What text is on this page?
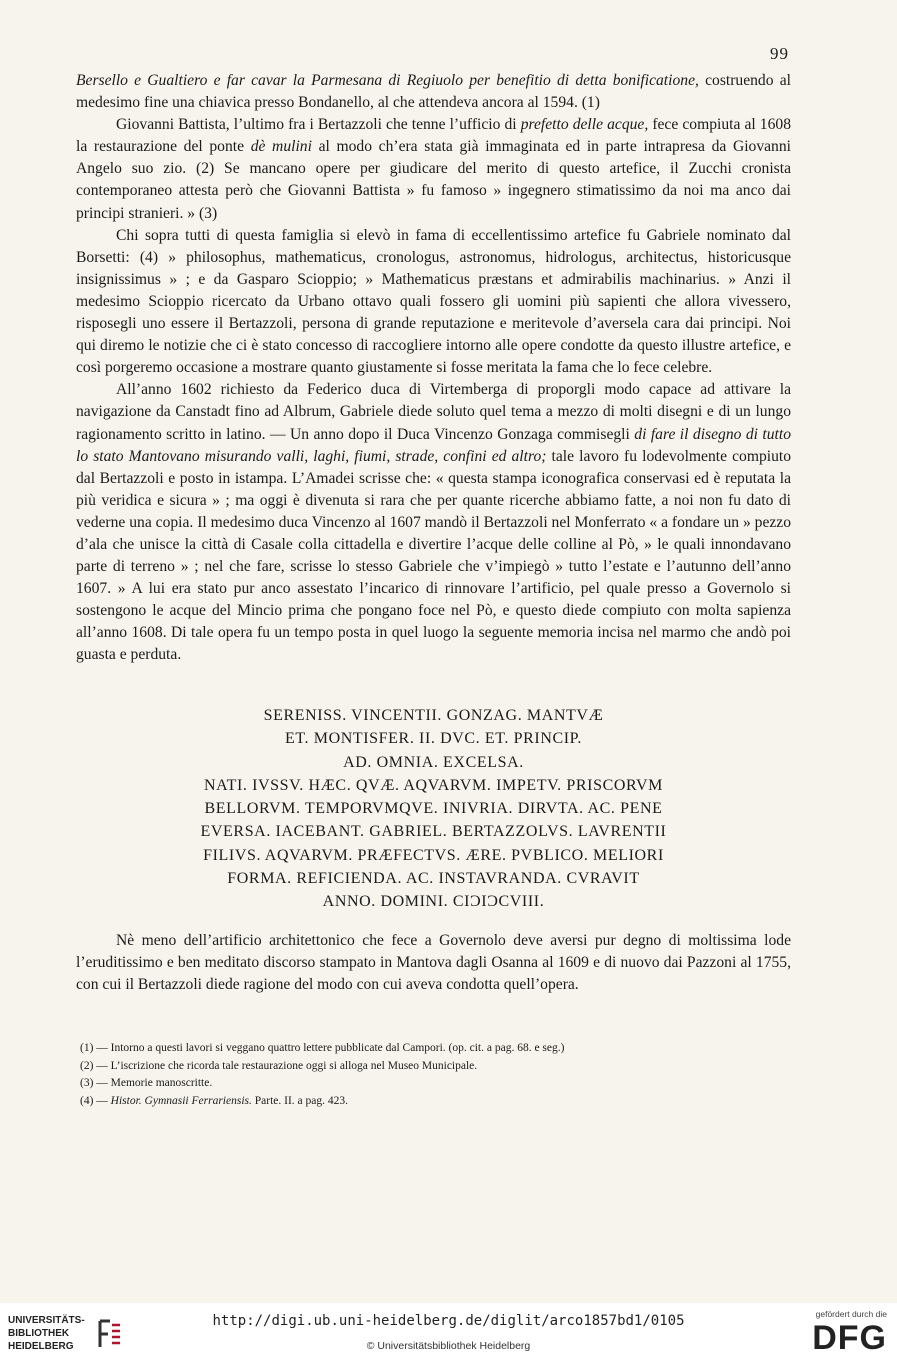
99

Bersello e Gualtiero e far cavar la Parmesana di Regiuolo per benefitio di detta bonificatione, costruendo al medesimo fine una chiavica presso Bondanello, al che attendeva ancora al 1594. (1)

Giovanni Battista, l’ultimo fra i Bertazzoli che tenne l’ufficio di prefetto delle acque, fece compiuta al 1608 la restaurazione del ponte dè mulini al modo ch’era stata già immaginata ed in parte intrapresa da Giovanni Angelo suo zio. (2) Se mancano opere per giudicare del merito di questo artefice, il Zucchi cronista contemporaneo attesta però che Giovanni Battista » fu famoso » ingegnero stimatissimo da noi ma anco dai principi stranieri. » (3)

Chi sopra tutti di questa famiglia si elevò in fama di eccellentissimo artefice fu Gabriele nominato dal Borsetti: (4) » philosophus, mathematicus, cronologus, astronomus, hidrologus, architectus, historicusque insignissimus » ; e da Gasparo Scioppio; » Mathematicus præstans et admirabilis machinarius. » Anzi il medesimo Scioppio ricercato da Urbano ottavo quali fossero gli uomini più sapienti che allora vivessero, risposegli uno essere il Bertazzoli, persona di grande reputazione e meritevole d’aversela cara dai principi. Noi qui diremo le notizie che ci è stato concesso di raccogliere intorno alle opere condotte da questo illustre artefice, e così porgeremo occasione a mostrare quanto giustamente si fosse meritata la fama che lo fece celebre.

All’anno 1602 richiesto da Federico duca di Virtemberga di proporgli modo capace ad attivare la navigazione da Canstadt fino ad Albrum, Gabriele diede soluto quel tema a mezzo di molti disegni e di un lungo ragionamento scritto in latino. — Un anno dopo il Duca Vincenzo Gonzaga commisegli di fare il disegno di tutto lo stato Mantovano misurando valli, laghi, fiumi, strade, confini ed altro; tale lavoro fu lodevolmente compiuto dal Bertazzoli e posto in istampa. L’Amadei scrisse che: « questa stampa iconografica conservasi ed è reputata la più veridica e sicura » ; ma oggi è divenuta si rara che per quante ricerche abbiamo fatte, a noi non fu dato di vederne una copia. Il medesimo duca Vincenzo al 1607 mandò il Bertazzoli nel Monferrato « a fondare un » pezzo d’ala che unisce la città di Casale colla cittadella e divertire l’acque delle colline al Pò, » le quali innondavano parte di terreno » ; nel che fare, scrisse lo stesso Gabriele che v’impiegò » tutto l’estate e l’autunno dell’anno 1607. » A lui era stato pur anco assestato l’incarico di rinnovare l’artificio, pel quale presso a Governolo si sostengono le acque del Mincio prima che pongano foce nel Pò, e questo diede compiuto con molta sapienza all’anno 1608. Di tale opera fu un tempo posta in quel luogo la seguente memoria incisa nel marmo che andò poi guasta e perduta.

SERENISS. VINCENTII. GONZAG. MANTVÆ
ET. MONTISFER. II. DVC. ET. PRINCIP.
AD. OMNIA. EXCELSA.
NATI. IVSSV. HÆC. QVÆ. AQVARVM. IMPETV. PRISCORVM
BELLORVM. TEMPORVMQVE. INIVRIA. DIRVTA. AC. PENE
EVERSA. IACEBANT. GABRIEL. BERTAZZOLVS. LAVRENTII
FILIVS. AQVARVM. PRÆFECTVS. ÆRE. PVBLICO. MELIORI
FORMA. REFICIENDA. AC. INSTAVRANDA. CVRAVIT
ANNO. DOMINI. CIƆIƆCVIII.

Nè meno dell’artificio architettonico che fece a Governolo deve aversi pur degno di moltissima lode l’eruditissimo e ben meditato discorso stampato in Mantova dagli Osanna al 1609 e di nuovo dai Pazzoni al 1755, con cui il Bertazzoli diede ragione del modo con cui aveva condotta quell’opera.

(1) — Intorno a questi lavori si veggano quattro lettere pubblicate dal Campori. (op. cit. a pag. 68. e seg.)
(2) — L’iscrizione che ricorda tale restaurazione oggi si alloga nel Museo Municipale.
(3) — Memorie manoscritte.
(4) — Histor. Gymnasii Ferrariensis. Parte. II. a pag. 423.
UNIVERSITÄTS-
BIBLIOTHEK
HEIDELBERG
http://digi.ub.uni-heidelberg.de/diglit/arco1857bd1/0105
© Universitätsbibliothek Heidelberg
gefördert durch die
DFG
